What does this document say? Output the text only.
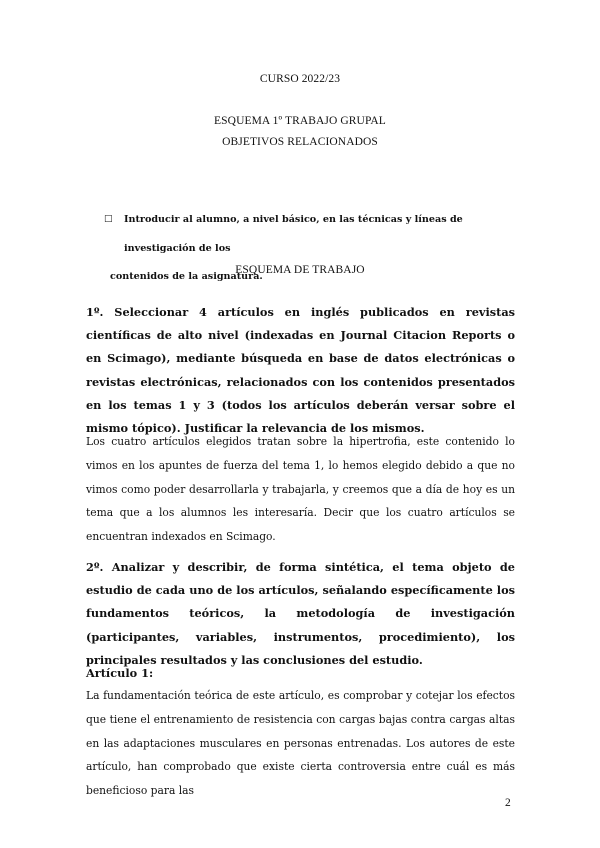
CURSO 2022/23
ESQUEMA 1º TRABAJO GRUPAL
OBJETIVOS RELACIONADOS
□	Introducir al alumno, a nivel básico, en las técnicas y líneas de investigación de los
contenidos de la asignatura.
ESQUEMA DE TRABAJO
1º. Seleccionar 4 artículos en inglés publicados en revistas científicas de alto nivel (indexadas en Journal Citacion Reports o en Scimago), mediante búsqueda en base de datos electrónicas o revistas electrónicas, relacionados con los contenidos presentados en los temas 1 y 3 (todos los artículos deberán versar sobre el mismo tópico). Justificar la relevancia de los mismos.
Los cuatro artículos elegidos tratan sobre la hipertrofia, este contenido lo vimos en los apuntes de fuerza del tema 1, lo hemos elegido debido a que no vimos como poder desarrollarla y trabajarla, y creemos que a día de hoy es un tema que a los alumnos les interesaría. Decir que los cuatro artículos se encuentran indexados en Scimago.
2º. Analizar y describir, de forma sintética, el tema objeto de estudio de cada uno de los artículos, señalando específicamente los fundamentos teóricos, la metodología de investigación (participantes, variables, instrumentos, procedimiento), los principales resultados y las conclusiones del estudio.
Artículo 1:
La fundamentación teórica de este artículo, es comprobar y cotejar los efectos que tiene el entrenamiento de resistencia con cargas bajas contra cargas altas en las adaptaciones musculares en personas entrenadas. Los autores de este artículo, han comprobado que existe cierta controversia entre cuál es más beneficioso para las
2
